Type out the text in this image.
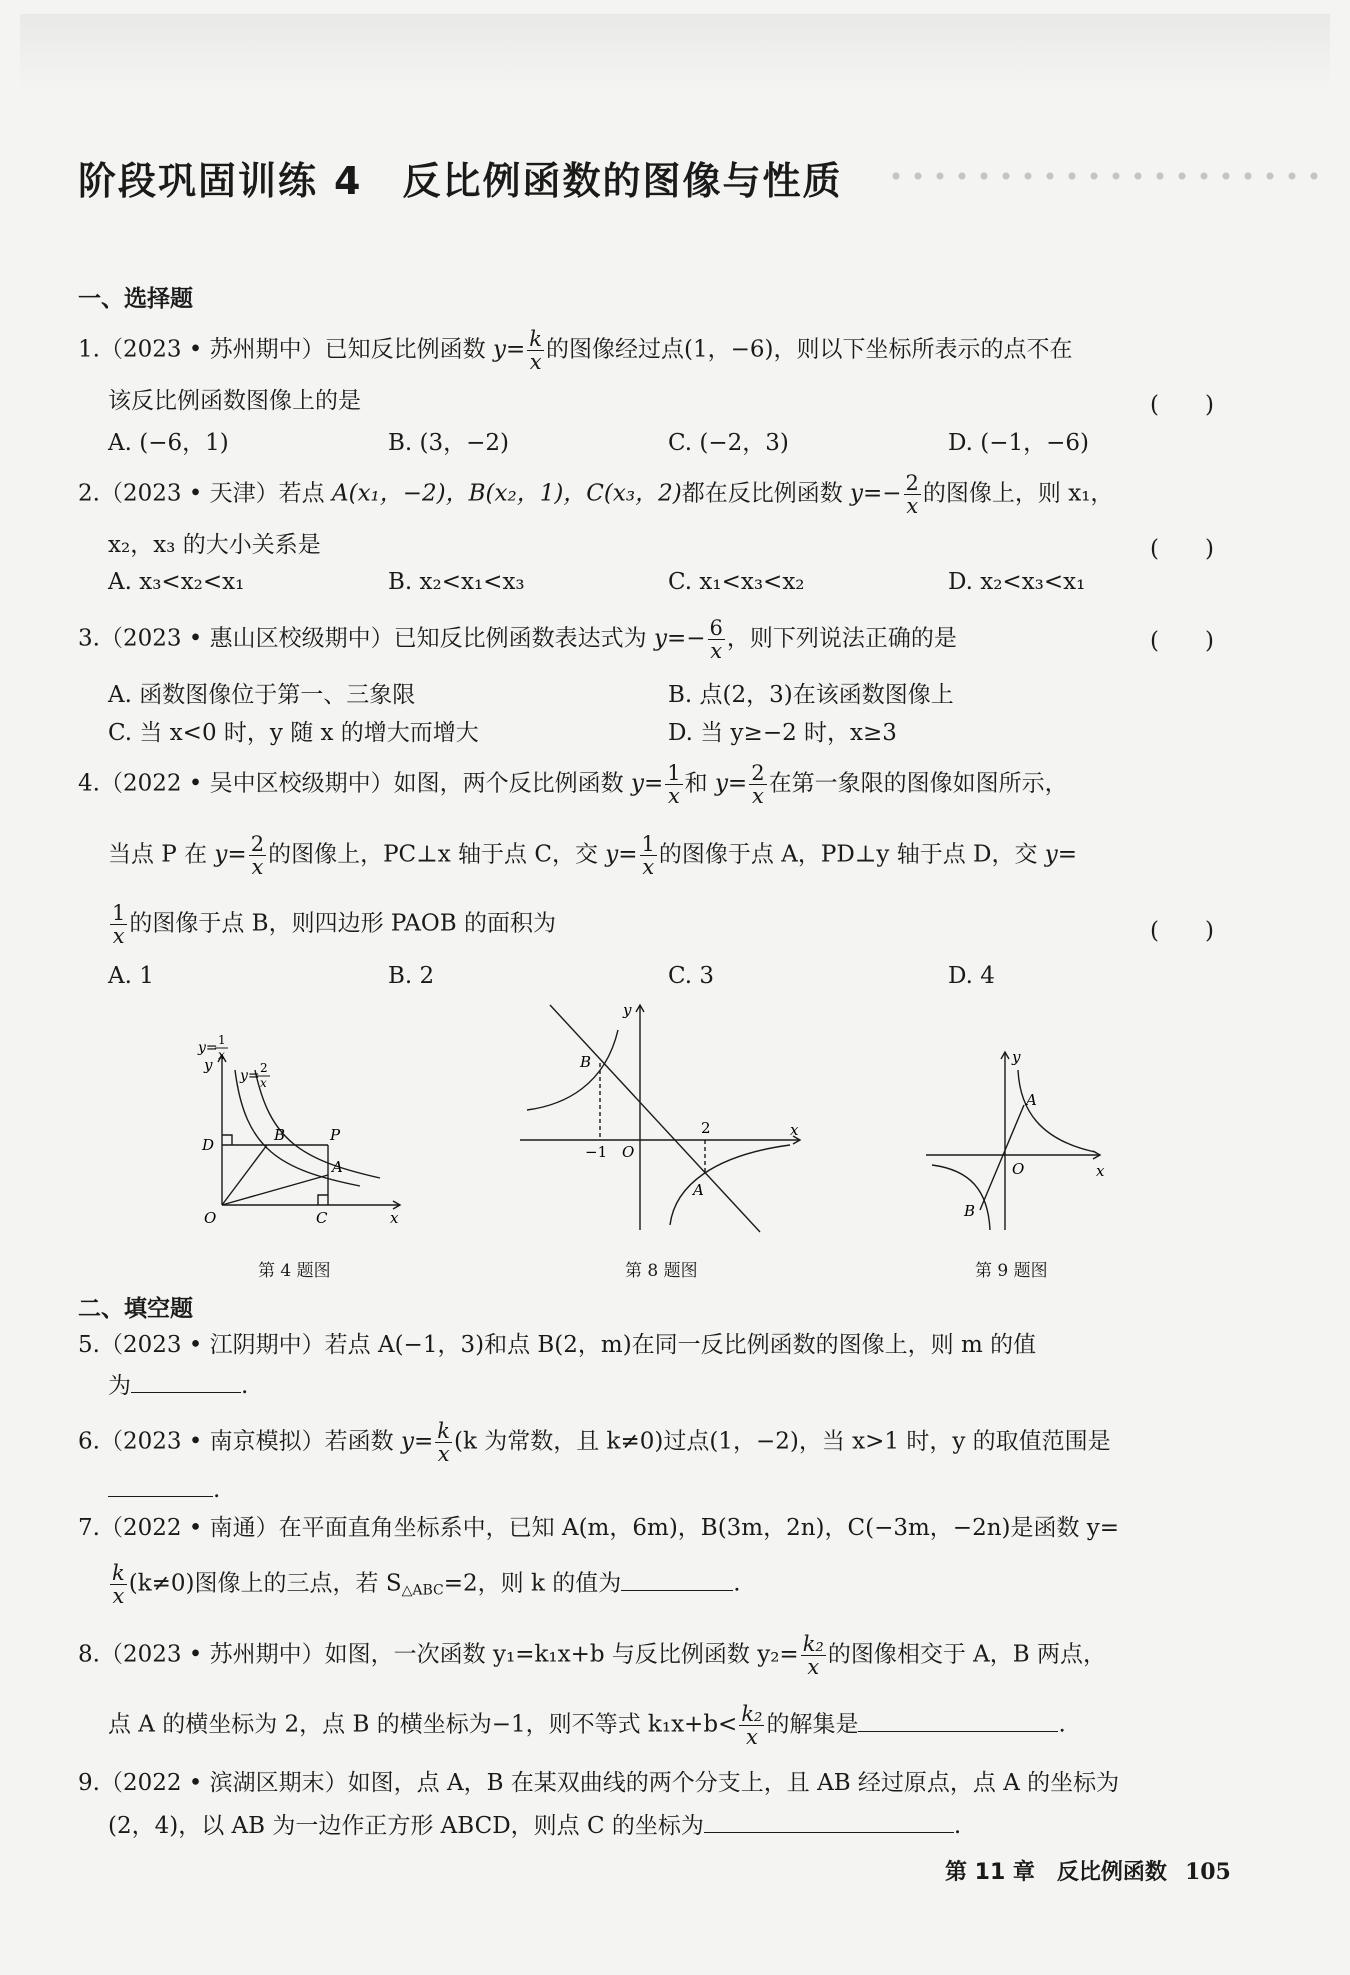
阶段巩固训练 4 反比例函数的图像与性质
一、选择题
1.（2023 • 苏州期中）已知反比例函数 $y= \frac{k}{x}$ 的图像经过点(1，−6)，则以下坐标所表示的点不在
该反比例函数图像上的是	(　　)
A. (−6，1)	B. (3，−2)	C. (−2，3)	D. (−1，−6)
2.（2023 • 天津）若点 A(x₁，−2)，B(x₂，1)，C(x₃，2)都在反比例函数 $y=- \frac{2}{x}$ 的图像上，则 x₁，
x₂，x₃ 的大小关系是	(　　)
A. x₃<x₂<x₁	B. x₂<x₁<x₃	C. x₁<x₃<x₂	D. x₂<x₃<x₁
3.（2023 • 惠山区校级期中）已知反比例函数表达式为 $y=- \frac{6}{x}$ ，则下列说法正确的是	(　　)
A. 函数图像位于第一、三象限	B. 点(2，3)在该函数图像上
C. 当 x<0 时，y 随 x 的增大而增大	D. 当 y≥−2 时，x≥3
4.（2022 • 吴中区校级期中）如图，两个反比例函数 $y= \frac{1}{x}$ 和 $y= \frac{2}{x}$ 在第一象限的图像如图所示，
当点 P 在 $y= \frac{2}{x}$ 的图像上，PC⊥x 轴于点 C，交 $y= \frac{1}{x}$ 的图像于点 A，PD⊥y 轴于点 D，交 y=
$\frac{1}{x}$ 的图像于点 B，则四边形 PAOB 的面积为	(　　)
A. 1	B. 2	C. 3	D. 4
y= 1
x
y= 2
x
y
x
O
D
B	P
A
C
第 4 题图
y
x
O
B
A
−1
2
第 8 题图
y
x
O
A
B
第 9 题图
二、填空题
5.（2023 • 江阴期中）若点 A(−1，3)和点 B(2，m)在同一反比例函数的图像上，则 m 的值
为	.
6.（2023 • 南京模拟）若函数 $y= \frac{k}{x} (k$ 为常数，且 k≠0)过点(1，−2)，当 x>1 时，y 的取值范围是
.
7.（2022 • 南通）在平面直角坐标系中，已知 A(m，6m)，B(3m，2n)，C(−3m，−2n)是函数 y=
$\frac{k}{x} (k\ne 0)$图像上的三点，若 $S_{\triangle ABC}=2$，则 k 的值为	.
8.（2023 • 苏州期中）如图，一次函数 y₁=k₁x+b 与反比例函数 $y_2= \frac{\text{k₂}}{x}$ 的图像相交于 A，B 两点，
点 A 的横坐标为 2，点 B 的横坐标为−1，则不等式 $k_1x+b< \frac{\text{k₂}}{x}$ 的解集是	.
9.（2022 • 滨湖区期末）如图，点 A，B 在某双曲线的两个分支上，且 AB 经过原点，点 A 的坐标为
(2，4)，以 AB 为一边作正方形 ABCD，则点 C 的坐标为	.
第 11 章　反比例函数 105
